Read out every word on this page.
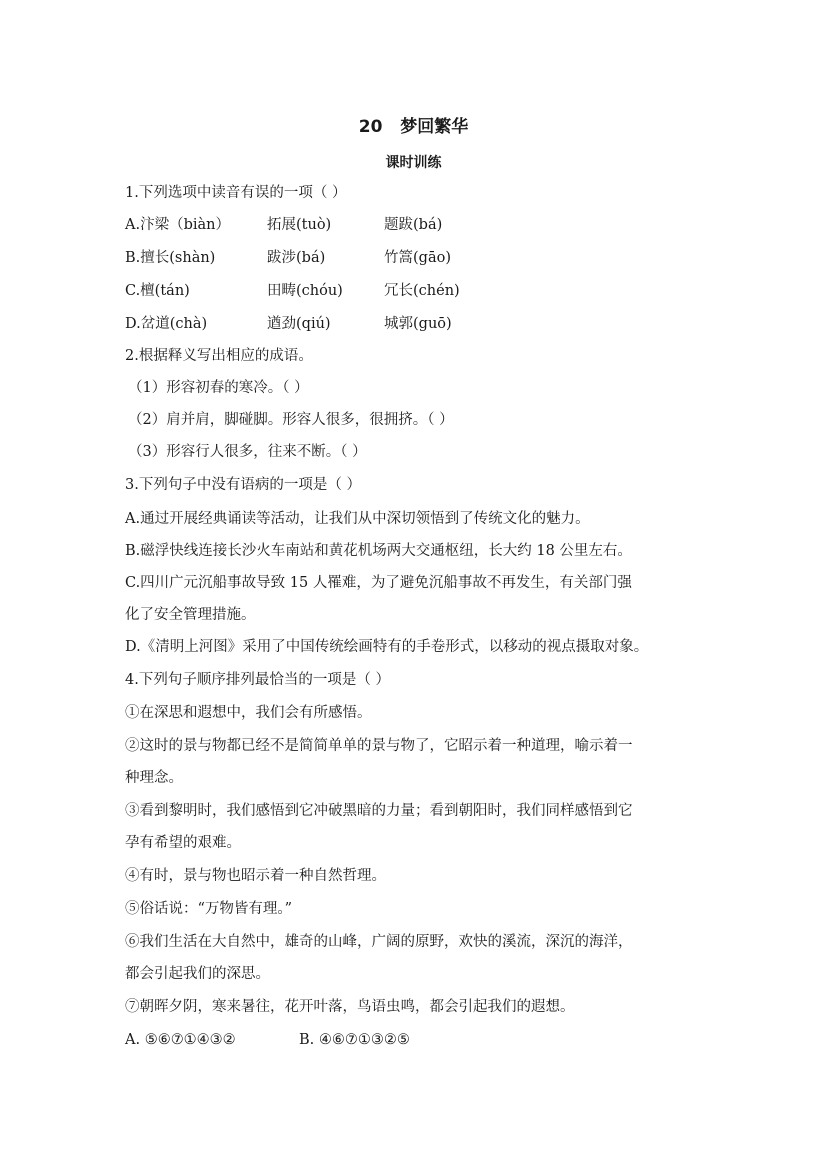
20   梦回繁华
课时训练
1.下列选项中读音有误的一项（ ）
A.汴梁（biàn）	拓展(tuò)	题跋(bá)
B.擅长(shàn)	跋涉(bá)	竹篙(gāo)
C.檀(tán)	田畴(chóu)	冗长(chén)
D.岔道(chà)	遒劲(qiú)	城郭(guō)
2.根据释义写出相应的成语。
（1）形容初春的寒冷。（ ）
（2）肩并肩，脚碰脚。形容人很多，很拥挤。（ ）
（3）形容行人很多，往来不断。（ ）
3.下列句子中没有语病的一项是（ ）
A.通过开展经典诵读等活动，让我们从中深切领悟到了传统文化的魅力。
B.磁浮快线连接长沙火车南站和黄花机场两大交通枢纽，长大约 18 公里左右。
C.四川广元沉船事故导致 15 人罹难，为了避免沉船事故不再发生，有关部门强
化了安全管理措施。
D.《清明上河图》采用了中国传统绘画特有的手卷形式，以移动的视点摄取对象。
4.下列句子顺序排列最恰当的一项是（ ）
①在深思和遐想中，我们会有所感悟。
②这时的景与物都已经不是简简单单的景与物了，它昭示着一种道理，喻示着一
种理念。
③看到黎明时，我们感悟到它冲破黑暗的力量；看到朝阳时，我们同样感悟到它
孕有希望的艰难。
④有时，景与物也昭示着一种自然哲理。
⑤俗话说：“万物皆有理。”
⑥我们生活在大自然中，雄奇的山峰，广阔的原野，欢快的溪流，深沉的海洋，
都会引起我们的深思。
⑦朝晖夕阴，寒来暑往，花开叶落，鸟语虫鸣，都会引起我们的遐想。
A. ⑤⑥⑦①④③②	B. ④⑥⑦①③②⑤
